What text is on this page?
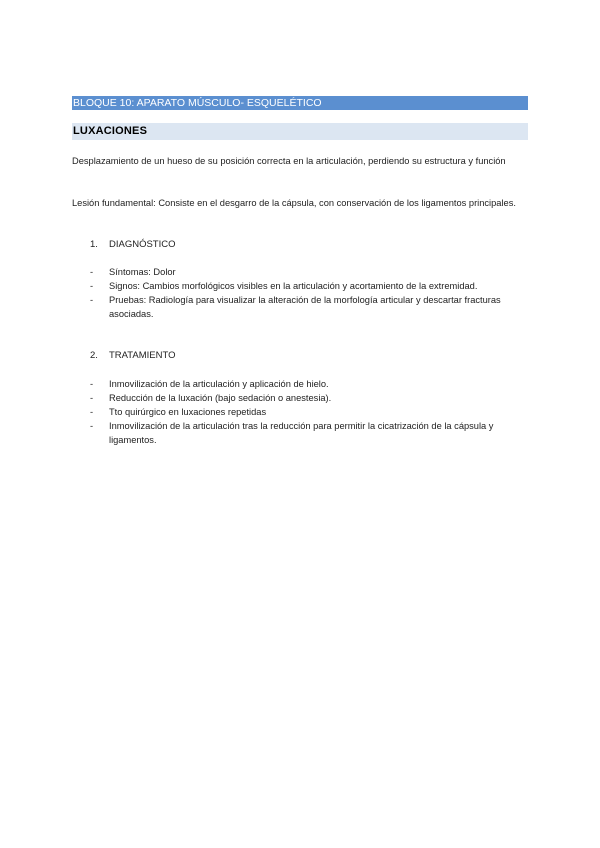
BLOQUE 10: APARATO MÚSCULO- ESQUELÉTICO
LUXACIONES
Desplazamiento de un hueso de su posición correcta en la articulación, perdiendo su estructura y función
Lesión fundamental: Consiste en el desgarro de la cápsula, con conservación de los ligamentos principales.
1. DIAGNÓSTICO
- Síntomas: Dolor
- Signos: Cambios morfológicos visibles en la articulación y acortamiento de la extremidad.
- Pruebas: Radiología para visualizar la alteración de la morfología articular y descartar fracturas asociadas.
2. TRATAMIENTO
- Inmovilización de la articulación y aplicación de hielo.
- Reducción de la luxación (bajo sedación o anestesia).
- Tto quirúrgico en luxaciones repetidas
- Inmovilización de la articulación tras la reducción para permitir la cicatrización de la cápsula y ligamentos.
